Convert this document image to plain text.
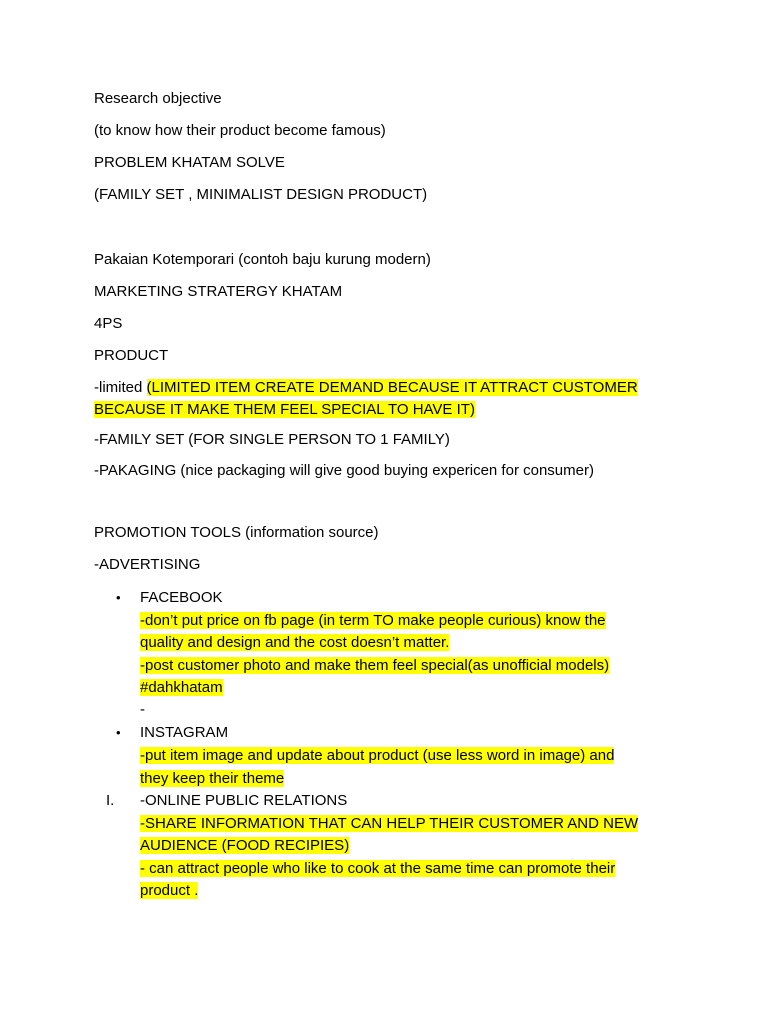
Research objective
(to know how their product become famous)
PROBLEM KHATAM SOLVE
(FAMILY SET , MINIMALIST DESIGN PRODUCT)
Pakaian Kotemporari (contoh baju kurung modern)
MARKETING STRATERGY KHATAM
4PS
PRODUCT
-limited (LIMITED ITEM CREATE DEMAND BECAUSE IT ATTRACT CUSTOMER
BECAUSE IT MAKE THEM FEEL SPECIAL TO HAVE IT)
-FAMILY SET (FOR SINGLE PERSON TO 1 FAMILY)
-PAKAGING (nice packaging will give good buying expericen for consumer)
PROMOTION TOOLS (information source)
-ADVERTISING
• FACEBOOK
-don’t put price on fb page (in term TO make people curious) know the
quality and design and the cost doesn’t matter.
-post customer photo and make them feel special(as unofficial models)
#dahkhatam
-
• INSTAGRAM
-put item image and update about product (use less word in image) and
they keep their theme
I. -ONLINE PUBLIC RELATIONS
-SHARE INFORMATION THAT CAN HELP THEIR CUSTOMER AND NEW
AUDIENCE (FOOD RECIPIES)
- can attract people who like to cook at the same time can promote their
product .
